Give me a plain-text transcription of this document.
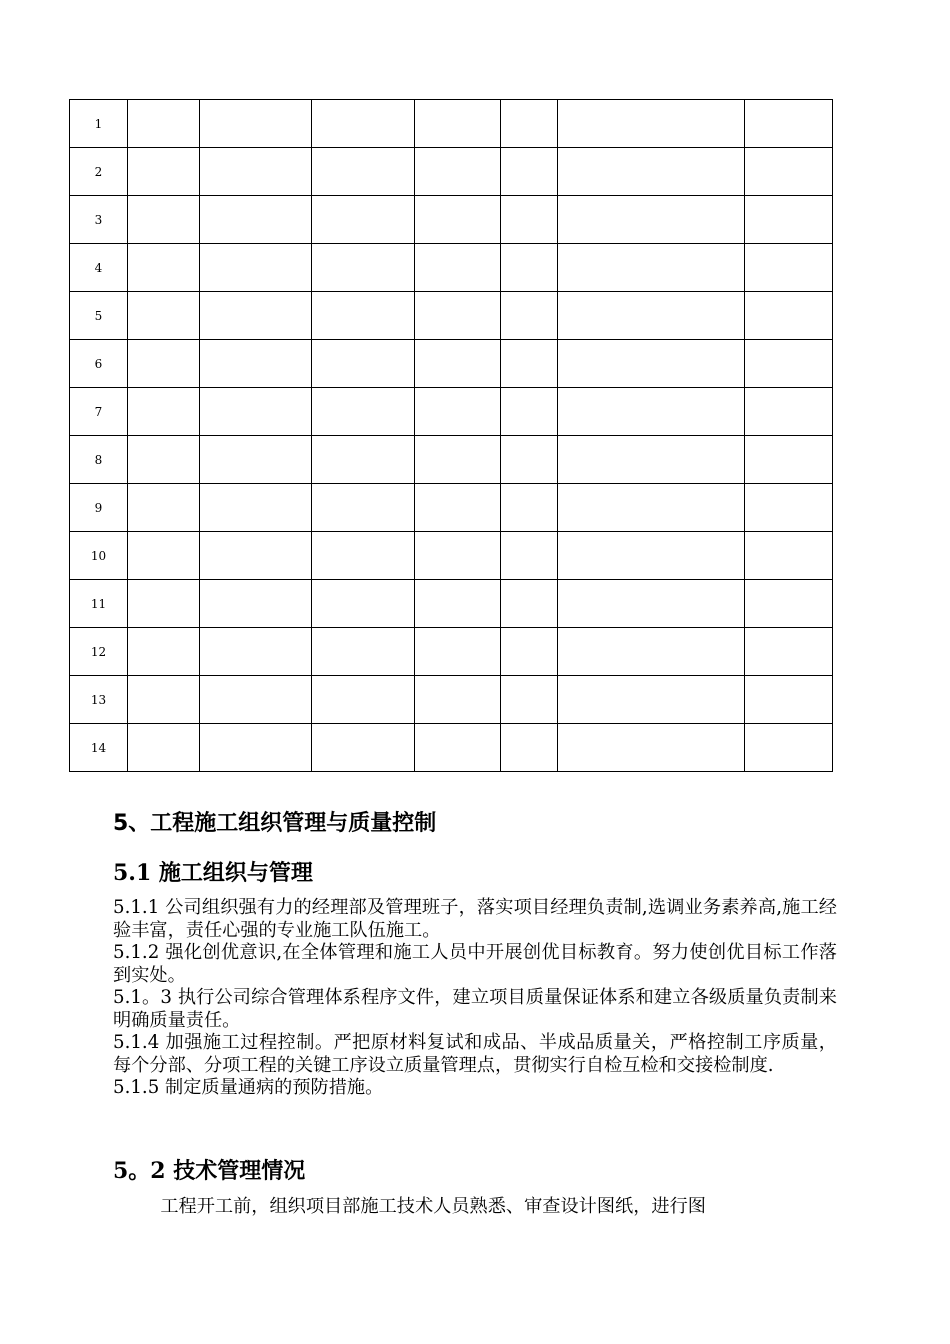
1							
2							
3							
4							
5							
6							
7							
8							
9							
10							
11							
12							
13							
14							
5、工程施工组织管理与质量控制
5.1 施工组织与管理

5.1.1 公司组织强有力的经理部及管理班子，落实项目经理负责制,选调业务素养高,施工经验丰富，责任心强的专业施工队伍施工。

5.1.2 强化创优意识,在全体管理和施工人员中开展创优目标教育。努力使创优目标工作落到实处。

5.1。3 执行公司综合管理体系程序文件，建立项目质量保证体系和建立各级质量负责制来明确质量责任。

5.1.4 加强施工过程控制。严把原材料复试和成品、半成品质量关，严格控制工序质量，每个分部、分项工程的关键工序设立质量管理点，贯彻实行自检互检和交接检制度.

5.1.5 制定质量通病的预防措施。

5。2 技术管理情况

工程开工前，组织项目部施工技术人员熟悉、审查设计图纸，进行图
